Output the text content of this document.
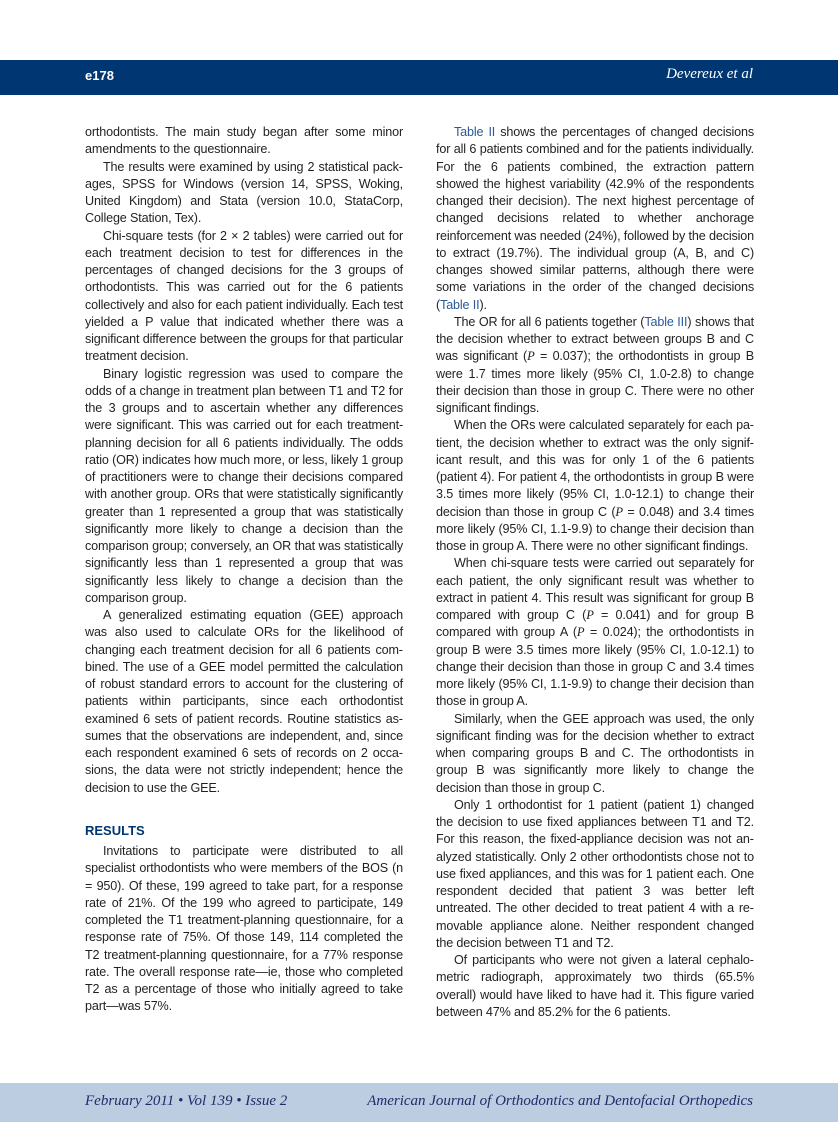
e178	Devereux et al

orthodontists. The main study began after some minor amendments to the questionnaire.

The results were examined by using 2 statistical packages, SPSS for Windows (version 14, SPSS, Woking, United Kingdom) and Stata (version 10.0, StataCorp, College Station, Tex).

Chi-square tests (for 2 × 2 tables) were carried out for each treatment decision to test for differences in the percentages of changed decisions for the 3 groups of orthodontists. This was carried out for the 6 patients collectively and also for each patient individually. Each test yielded a P value that indicated whether there was a significant difference between the groups for that particular treatment decision.

Binary logistic regression was used to compare the odds of a change in treatment plan between T1 and T2 for the 3 groups and to ascertain whether any differences were significant. This was carried out for each treatment-planning decision for all 6 patients individually. The odds ratio (OR) indicates how much more, or less, likely 1 group of practitioners were to change their decisions compared with another group. ORs that were statistically significantly greater than 1 represented a group that was statistically significantly more likely to change a decision than the comparison group; conversely, an OR that was statistically significantly less than 1 represented a group that was significantly less likely to change a decision than the comparison group.

A generalized estimating equation (GEE) approach was also used to calculate ORs for the likelihood of changing each treatment decision for all 6 patients combined. The use of a GEE model permitted the calculation of robust standard errors to account for the clustering of patients within participants, since each orthodontist examined 6 sets of patient records. Routine statistics assumes that the observations are independent, and, since each respondent examined 6 sets of records on 2 occasions, the data were not strictly independent; hence the decision to use the GEE.

RESULTS

Invitations to participate were distributed to all specialist orthodontists who were members of the BOS (n = 950). Of these, 199 agreed to take part, for a response rate of 21%. Of the 199 who agreed to participate, 149 completed the T1 treatment-planning questionnaire, for a response rate of 75%. Of those 149, 114 completed the T2 treatment-planning questionnaire, for a 77% response rate. The overall response rate—ie, those who completed T2 as a percentage of those who initially agreed to take part—was 57%.

Table II shows the percentages of changed decisions for all 6 patients combined and for the patients individually. For the 6 patients combined, the extraction pattern showed the highest variability (42.9% of the respondents changed their decision). The next highest percentage of changed decisions related to whether anchorage reinforcement was needed (24%), followed by the decision to extract (19.7%). The individual group (A, B, and C) changes showed similar patterns, although there were some variations in the order of the changed decisions (Table II).

The OR for all 6 patients together (Table III) shows that the decision whether to extract between groups B and C was significant (P = 0.037); the orthodontists in group B were 1.7 times more likely (95% CI, 1.0-2.8) to change their decision than those in group C. There were no other significant findings.

When the ORs were calculated separately for each patient, the decision whether to extract was the only significant result, and this was for only 1 of the 6 patients (patient 4). For patient 4, the orthodontists in group B were 3.5 times more likely (95% CI, 1.0-12.1) to change their decision than those in group C (P = 0.048) and 3.4 times more likely (95% CI, 1.1-9.9) to change their decision than those in group A. There were no other significant findings.

When chi-square tests were carried out separately for each patient, the only significant result was whether to extract in patient 4. This result was significant for group B compared with group C (P = 0.041) and for group B compared with group A (P = 0.024); the orthodontists in group B were 3.5 times more likely (95% CI, 1.0-12.1) to change their decision than those in group C and 3.4 times more likely (95% CI, 1.1-9.9) to change their decision than those in group A.

Similarly, when the GEE approach was used, the only significant finding was for the decision whether to extract when comparing groups B and C. The orthodontists in group B was significantly more likely to change the decision than those in group C.

Only 1 orthodontist for 1 patient (patient 1) changed the decision to use fixed appliances between T1 and T2. For this reason, the fixed-appliance decision was not analyzed statistically. Only 2 other orthodontists chose not to use fixed appliances, and this was for 1 patient each. One respondent decided that patient 3 was better left untreated. The other decided to treat patient 4 with a removable appliance alone. Neither respondent changed the decision between T1 and T2.

Of participants who were not given a lateral cephalometric radiograph, approximately two thirds (65.5% overall) would have liked to have had it. This figure varied between 47% and 85.2% for the 6 patients.

February 2011 • Vol 139 • Issue 2	American Journal of Orthodontics and Dentofacial Orthopedics
